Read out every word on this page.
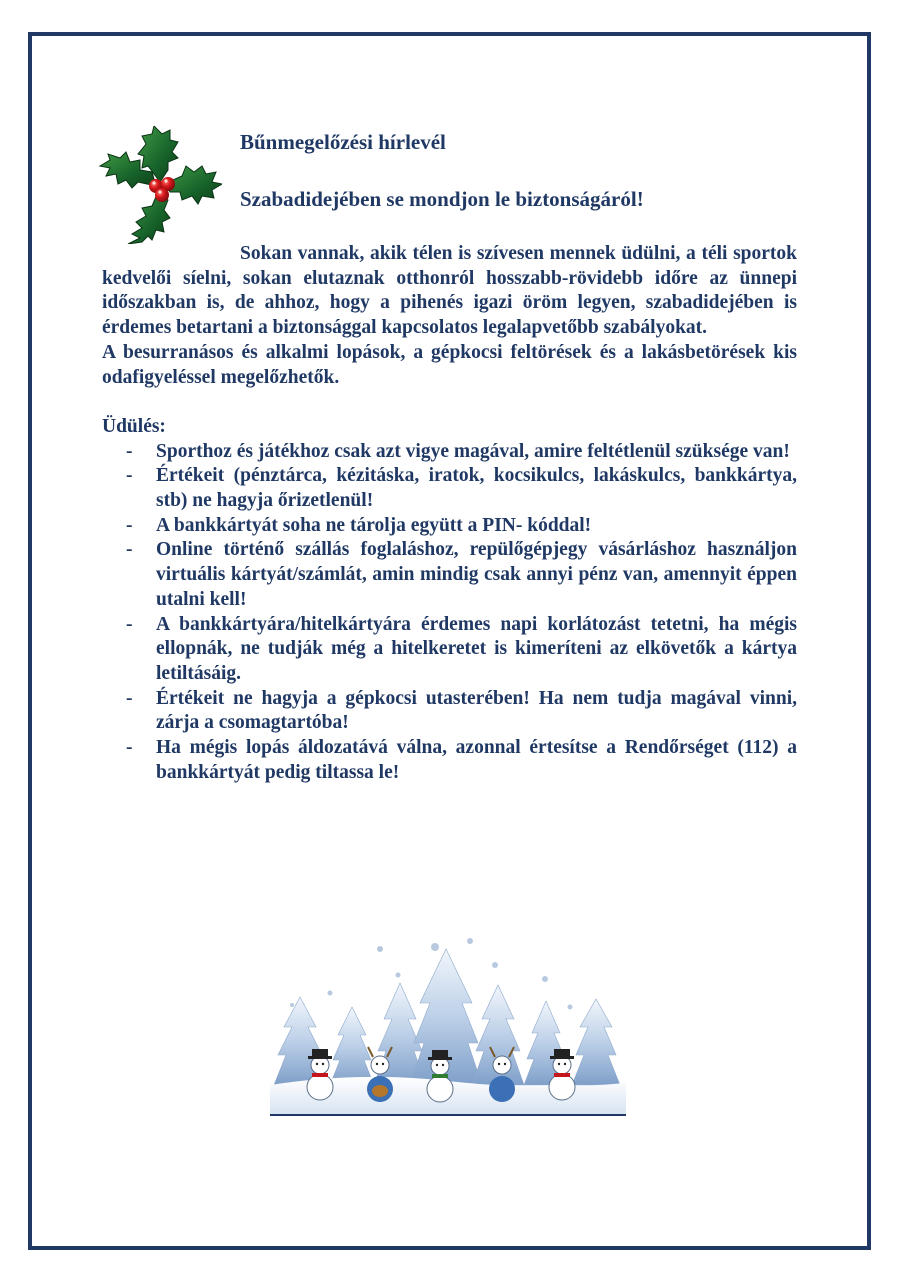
Bűnmegelőzési hírlevél
Szabadidejében se mondjon le biztonságáról!

Sokan vannak, akik télen is szívesen mennek üdülni, a téli sportok kedvelői síelni, sokan elutaznak otthonról hosszabb-rövidebb időre az ünnepi időszakban is, de ahhoz, hogy a pihenés igazi öröm legyen, szabadidejében is érdemes betartani a biztonsággal kapcsolatos legalapvetőbb szabályokat.

A besurranásos és alkalmi lopások, a gépkocsi feltörések és a lakásbetörések kis odafigyeléssel megelőzhetők.

Üdülés:

- Sporthoz és játékhoz csak azt vigye magával, amire feltétlenül szüksége van!
- Értékeit (pénztárca, kézitáska, iratok, kocsikulcs, lakáskulcs, bankkártya, stb) ne hagyja őrizetlenül!
- A bankkártyát soha ne tárolja együtt a PIN- kóddal!
- Online történő szállás foglaláshoz, repülőgépjegy vásárláshoz használjon virtuális kártyát/számlát, amin mindig csak annyi pénz van, amennyit éppen utalni kell!
- A bankkártyára/hitelkártyára érdemes napi korlátozást tetetni, ha mégis ellopnák, ne tudják még a hitelkeretet is kimeríteni az elkövetők a kártya letiltásáig.
- Értékeit ne hagyja a gépkocsi utasterében! Ha nem tudja magával vinni, zárja a csomagtartóba!
- Ha mégis lopás áldozatává válna, azonnal értesítse a Rendőrséget (112) a bankkártyát pedig tiltassa le!
